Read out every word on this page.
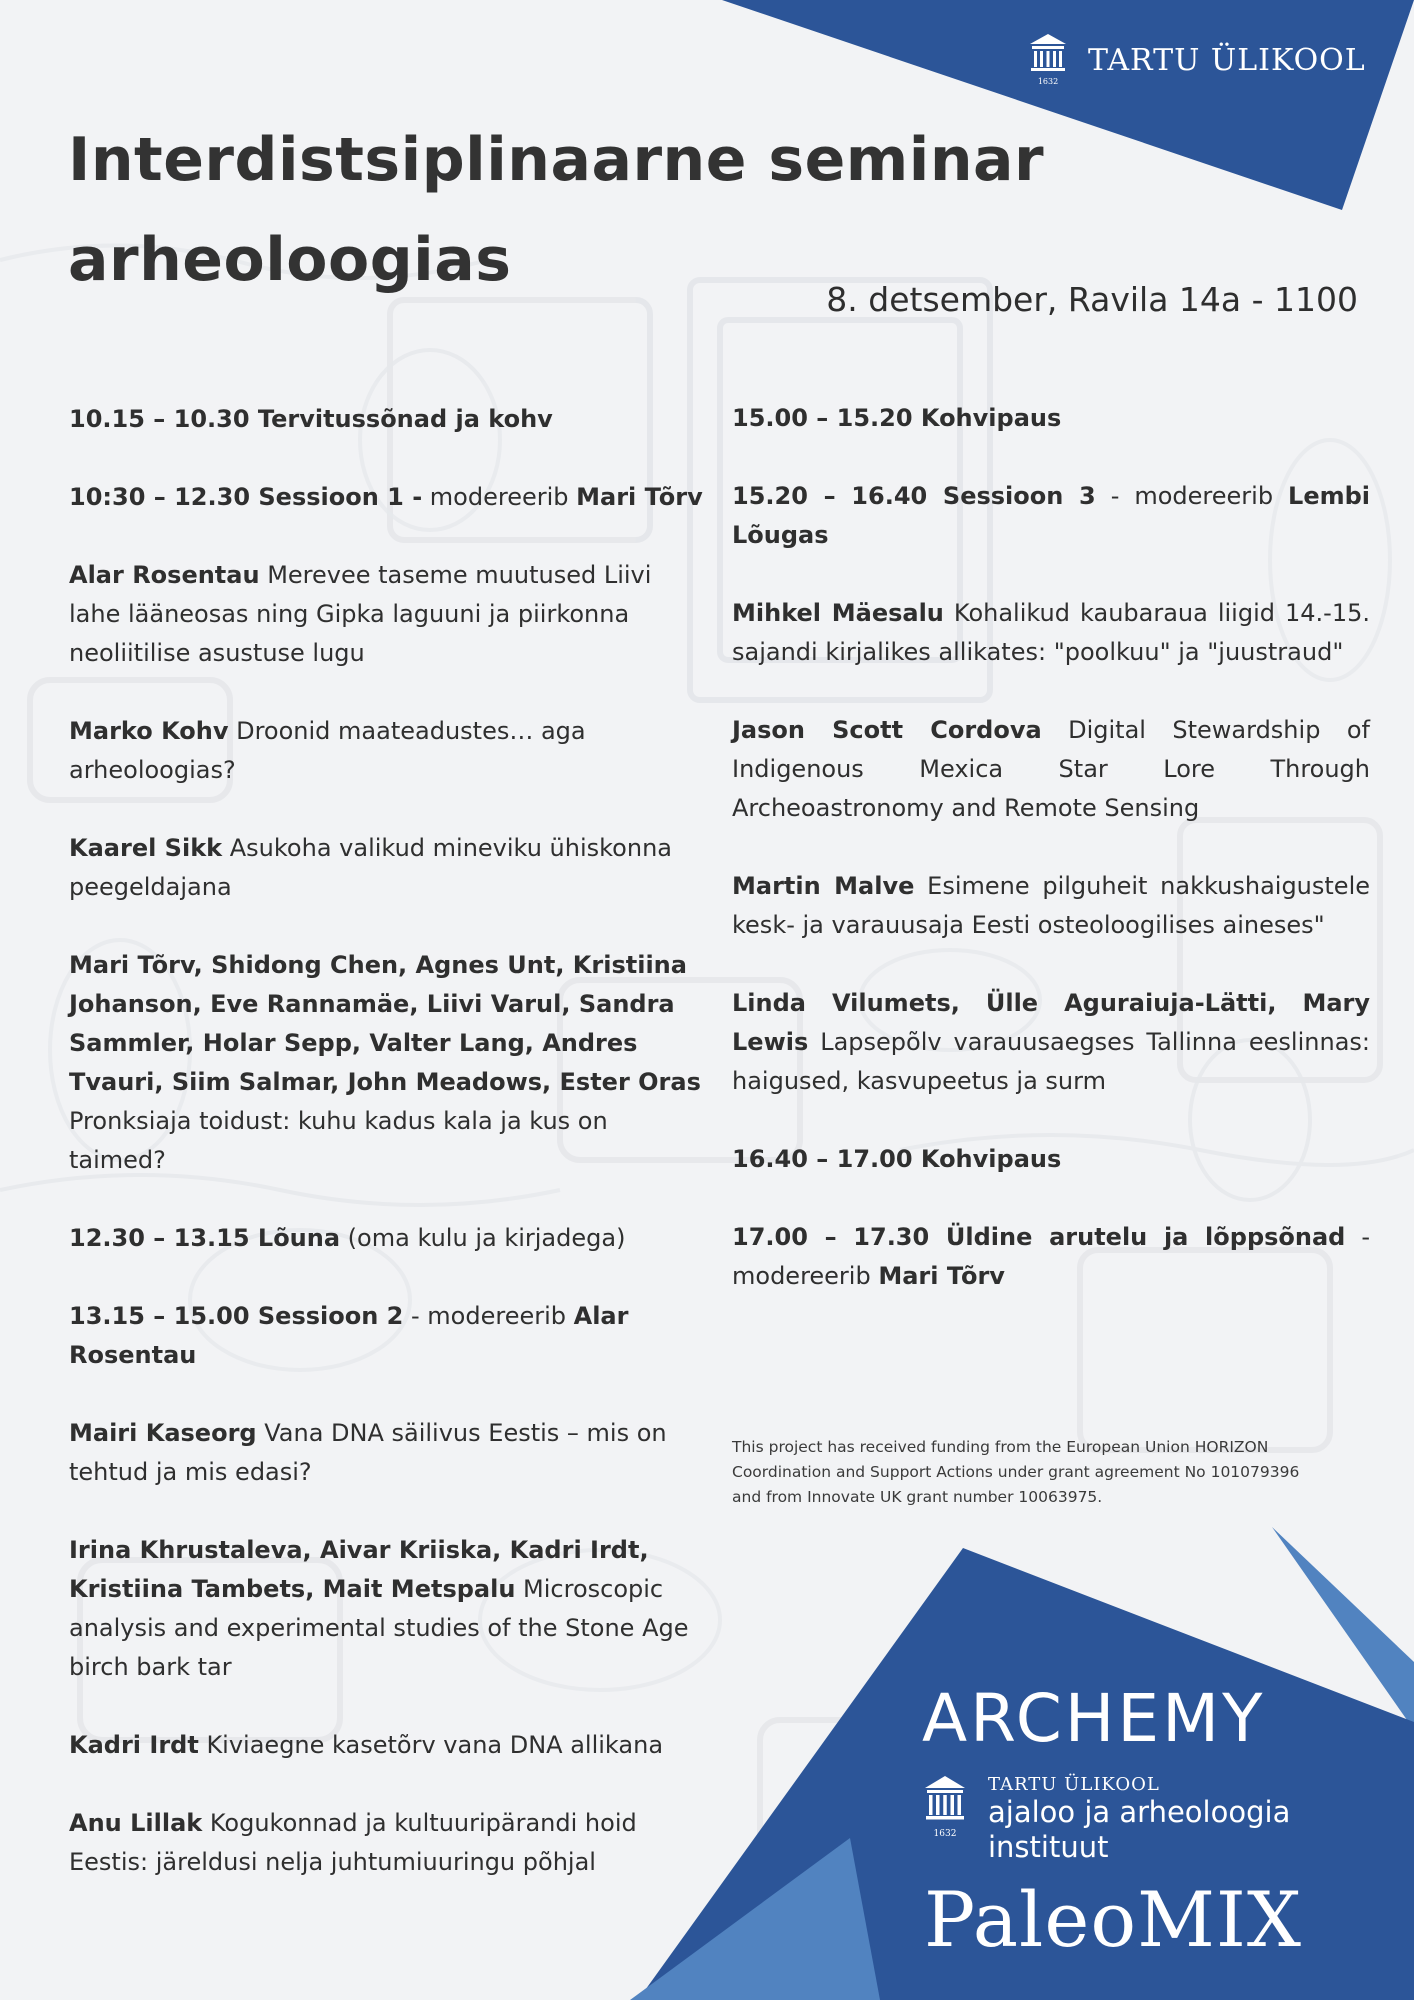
1632
TARTU ÜLIKOOL
Interdistsiplinaarne seminar
arheoloogias
8. detsember, Ravila 14a - 1100
10.15 – 10.30 Tervitussõnad ja kohv
10:30 – 12.30 Sessioon 1 - modereerib Mari Tõrv
Alar Rosentau Merevee taseme muutused Liivi lahe lääneosas ning Gipka laguuni ja piirkonna neoliitilise asustuse lugu
Marko Kohv Droonid maateadustes… aga arheoloogias?
Kaarel Sikk Asukoha valikud mineviku ühiskonna peegeldajana
Mari Tõrv, Shidong Chen, Agnes Unt, Kristiina Johanson, Eve Rannamäe, Liivi Varul, Sandra Sammler, Holar Sepp, Valter Lang, Andres Tvauri, Siim Salmar, John Meadows, Ester Oras Pronksiaja toidust: kuhu kadus kala ja kus on taimed?
12.30 – 13.15 Lõuna (oma kulu ja kirjadega)
13.15 – 15.00 Sessioon 2 - modereerib Alar Rosentau
Mairi Kaseorg Vana DNA säilivus Eestis – mis on tehtud ja mis edasi?
Irina Khrustaleva, Aivar Kriiska, Kadri Irdt, Kristiina Tambets, Mait Metspalu Microscopic analysis and experimental studies of the Stone Age birch bark tar
Kadri Irdt Kiviaegne kasetõrv vana DNA allikana
Anu Lillak Kogukonnad ja kultuuripärandi hoid Eestis: järeldusi nelja juhtumiuuringu põhjal
15.00 – 15.20 Kohvipaus
15.20 – 16.40 Sessioon 3 - modereerib Lembi Lõugas
Mihkel Mäesalu Kohalikud kaubaraua liigid 14.-15. sajandi kirjalikes allikates: "poolkuu" ja "juustraud"
Jason Scott Cordova Digital Stewardship of Indigenous Mexica Star Lore Through Archeoastronomy and Remote Sensing
Martin Malve Esimene pilguheit nakkushaigustele kesk- ja varauusaja Eesti osteoloogilises aineses"
Linda Vilumets, Ülle Aguraiuja-Lätti, Mary Lewis Lapsepõlv varauusaegses Tallinna eeslinnas: haigused, kasvupeetus ja surm
16.40 – 17.00 Kohvipaus
17.00 – 17.30 Üldine arutelu ja lõppsõnad - modereerib Mari Tõrv
This project has received funding from the European Union HORIZON
Coordination and Support Actions under grant agreement No 101079396
and from Innovate UK grant number 10063975.
ARCHEMY
1632
TARTU ÜLIKOOL
ajaloo ja arheoloogia
instituut
PaleoMIX
